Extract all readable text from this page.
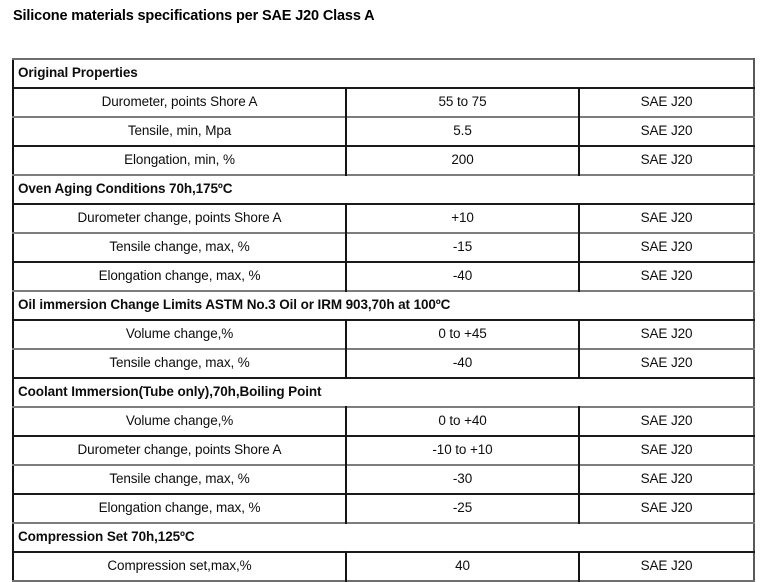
Silicone materials specifications per SAE J20 Class A
Original Properties		
Durometer, points Shore A	55 to 75	SAE J20
Tensile, min, Mpa	5.5	SAE J20
Elongation, min, %	200	SAE J20
Oven Aging Conditions 70h,175ºC		
Durometer change, points Shore A	+10	SAE J20
Tensile change, max, %	-15	SAE J20
Elongation change, max, %	-40	SAE J20
Oil immersion Change Limits ASTM No.3 Oil or IRM 903,70h at 100ºC		
Volume change,%	0 to +45	SAE J20
Tensile change, max, %	-40	SAE J20
Coolant Immersion(Tube only),70h,Boiling Point		
Volume change,%	0 to +40	SAE J20
Durometer change, points Shore A	-10 to +10	SAE J20
Tensile change, max, %	-30	SAE J20
Elongation change, max, %	-25	SAE J20
Compression Set 70h,125ºC		
Compression set,max,%	40	SAE J20
